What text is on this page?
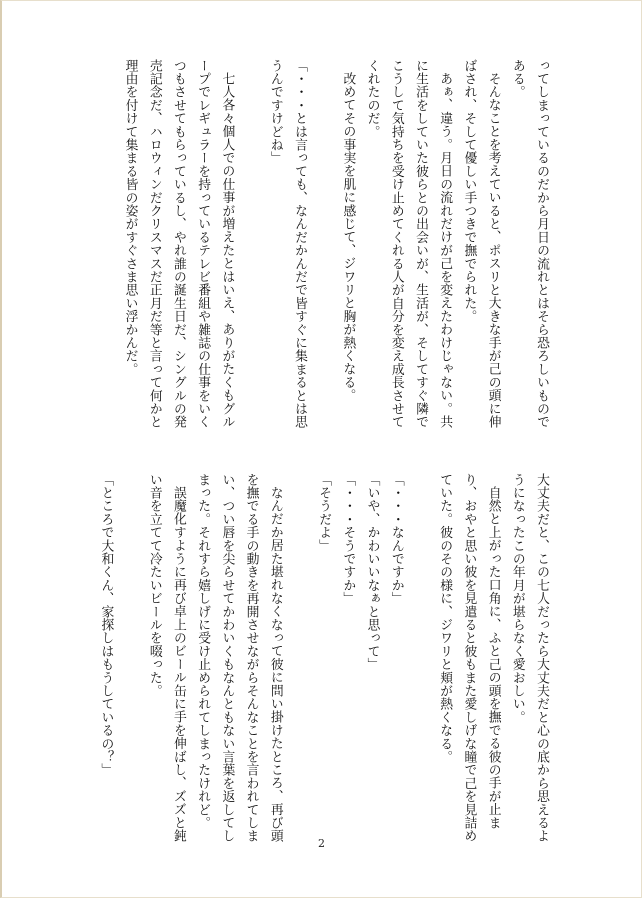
ってしまっているのだから月日の流れとはそら恐ろしいものである。

そんなことを考えていると、ポスリと大きな手が己の頭に伸ばされ、そして優しい手つきで撫でられた。

あぁ、違う。月日の流れだけが己を変えたわけじゃない。共に生活をしていた彼らとの出会いが、生活が、そしてすぐ隣でこうして気持ちを受け止めてくれる人が自分を変え成長させてくれたのだ。

改めてその事実を肌に感じて、ジワリと胸が熱くなる。

「・・・とは言っても、なんだかんだで皆すぐに集まるとは思うんですけどね」

七人各々個人での仕事が増えたとはいえ、ありがたくもグループでレギュラーを持っているテレビ番組や雑誌の仕事をいくつもさせてもらっているし、やれ誰の誕生日だ、シングルの発売記念だ、ハロウィンだクリスマスだ正月だ等と言って何かと理由を付けて集まる皆の姿がすぐさま思い浮かんだ。

大丈夫だと、この七人だったら大丈夫だと心の底から思えるようになったこの年月が堪らなく愛おしい。

自然と上がった口角に、ふと己の頭を撫でる彼の手が止まり、おやと思い彼を見遣ると彼もまた愛しげな瞳で己を見詰めていた。彼のその様に、ジワリと頬が熱くなる。

「・・・なんですか」

「いや、かわいいなぁと思って」

「・・・そうですか」

「そうだよ」

なんだか居た堪れなくなって彼に問い掛けたところ、再び頭を撫でる手の動きを再開させながらそんなことを言われてしまい、つい唇を尖らせてかわいくもなんともない言葉を返してしまった。それすら嬉しげに受け止められてしまったけれど。

誤魔化すように再び卓上のビール缶に手を伸ばし、ズズと鈍い音を立てて冷たいビールを啜った。

「ところで大和くん、家探しはもうしているの？」

2
